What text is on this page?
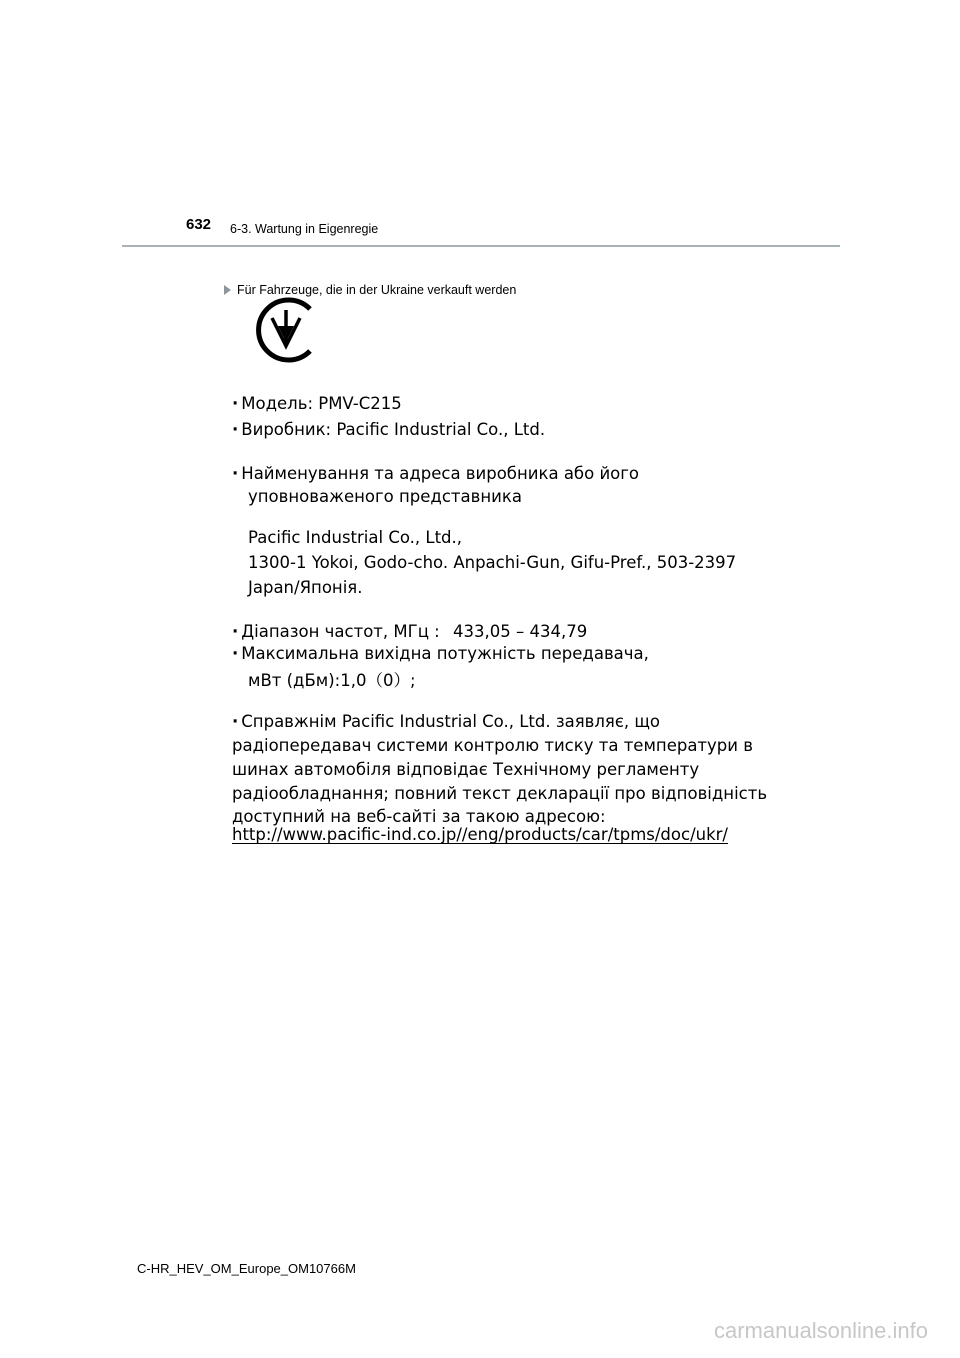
632 6-3. Wartung in Eigenregie
Für Fahrzeuge, die in der Ukraine verkauft werden
· Модель: PMV-C215
· Виробник: Pacific Industrial Co., Ltd.
· Найменування та адреса виробника або його
уповноваженого представника
Pacific Industrial Co., Ltd.,
1300-1 Yokoi, Godo-cho. Anpachi-Gun, Gifu-Pref., 503-2397
Japan/Японія.
· Діапазон частот, МГц : 433,05 – 434,79
· Максимальна вихідна потужність передавача,
мВт (дБм):1,0（0）;
· Справжнім Pacific Industrial Co., Ltd. заявляє, що
радіопередавач системи контролю тиску та температури в
шинах автомобіля відповідає Технічному регламенту
радіообладнання; повний текст декларації про відповідність
доступний на веб-сайті за такою адресою:
http://www.pacific-ind.co.jp//eng/products/car/tpms/doc/ukr/
C-HR_HEV_OM_Europe_OM10766M
carmanualsonline.info
